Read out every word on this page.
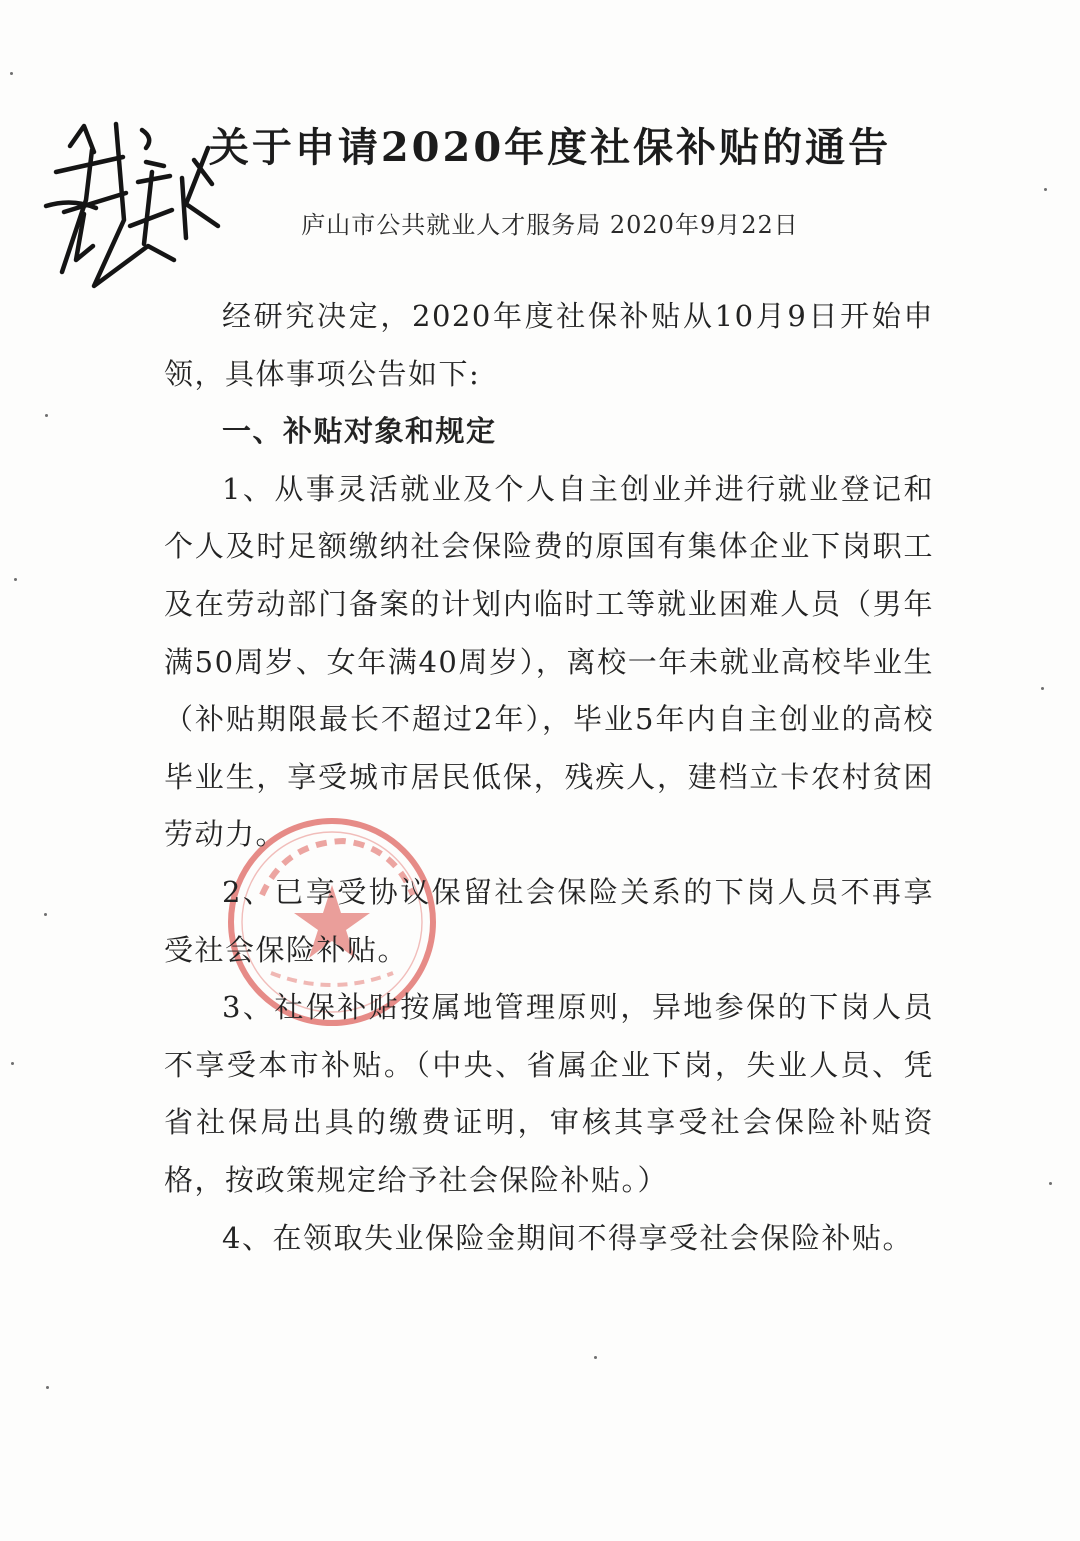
关于申请2020年度社保补贴的通告
庐山市公共就业人才服务局 2020年9月22日

经研究决定，2020年度社保补贴从10月9日开始申领，具体事项公告如下:

一、补贴对象和规定

1、从事灵活就业及个人自主创业并进行就业登记和个人及时足额缴纳社会保险费的原国有集体企业下岗职工及在劳动部门备案的计划内临时工等就业困难人员（男年满50周岁、女年满40周岁），离校一年未就业高校毕业生（补贴期限最长不超过2年），毕业5年内自主创业的高校毕业生，享受城市居民低保，残疾人，建档立卡农村贫困劳动力。

2、已享受协议保留社会保险关系的下岗人员不再享受社会保险补贴。

3、社保补贴按属地管理原则，异地参保的下岗人员不享受本市补贴。（中央、省属企业下岗，失业人员、凭省社保局出具的缴费证明，审核其享受社会保险补贴资格，按政策规定给予社会保险补贴。）

4、在领取失业保险金期间不得享受社会保险补贴。
